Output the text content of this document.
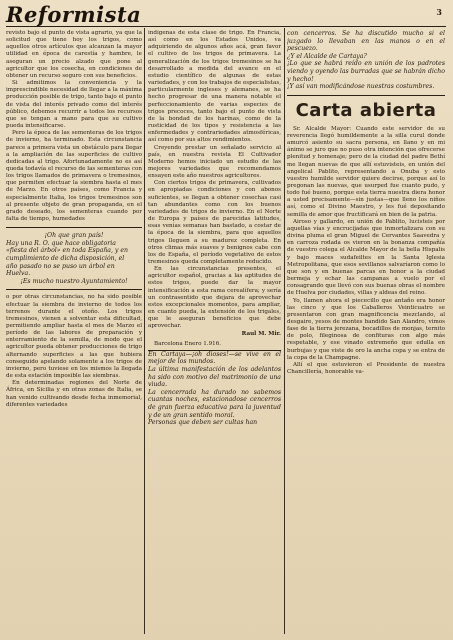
Reformista	3

revisto bajo el punto de vista agrario, ya que la solicitud que tiene hoy los trigos, como aquellos otros artículos que alcanzan la mayor utilidad en época de carestía y hambre, le aseguran un precio alzado que pone al agricultor que los cosecha, en condiciones de obtener un recurso seguro con sus beneficios.

Si admitimos la conveniencia y la imprescindible necesidad de llegar a la máxima producción posible de trigo, tanto bajo el punto de vista del interés privado como del interés público, debemos recurrir a todos los recursos que se tengan a mano para que su cultivo pueda intensificarse.

Pero la época de las sementeras de los trigos de invierno, ha terminado. Esta circunstancia parece a primera vista un obstáculo para llegar a la ampliación de las superficies de cultivo dedicadas al trigo. Afortunadamente no es así queda todavía el recurso de las sementeras con los trigos llamados de primavera o tremesinos, que permiten efectuar la siembra hasta el mes de Marzo. En otros países, como Francia y especialmente Italia, los trigos tremesinos son al presente objeto de gran propaganda, en el grado deseado, los sementeras cuando por falta de tiempo, humedades

¡Oh que gran país!

Hay una R. O. que hace obligatoria

«fiesta del árbol» en toda España, y en

cumplimiento de dicha disposición, el

año pasado no se puso un árbol en

Huelva.

¡Es mucho nuestro Ayuntamiento!

o por otras circunstancias, no ha sido posible efectuar la siembra de invierno de todos los terrenos durante el otoño. Los trigos tremesinos, vienen a solventar esta dificultad, permitiendo ampliar hasta el mes de Marzo el período de las labores de preparación y enterramiento de la semilla, de modo que el agricultor pueda obtener producciones de trigo alternando superficies a las que hubiera conseguido apelando solamente a los trigos de invierno, pero tuviese en los mismos la llegada de esta estación imposible las siembras.

En determinadas regiones del Norte de África, en Sicilia y en otras zonas de Italia, se han venido cultivando desde fecha inmemorial, diferentes variedades

indígenas de esta clase de trigo. En Francia, así como en los Estados Unidos, va adquiriendo de algunos años acá, gran favor el cultivo de los trigos de primavera. La generalización de los trigos tremesinos se ha desarrollado a medida del avance en el estudio científico de algunas de estas variedades, y con los trabajos de especialistas, particularmente ingleses y alemanes, se ha hecho progresar de una manera notable el perfeccionamiento de varias especies de trigos precoces, tanto bajo el punto de vista de la bondad de los harinas, como de la rusticidad de los tipos y resistencia a las enfermedades y contrariedades atmosféricas, así como por sus altos rendimientos.

Creyendo prestar un señalado servicio al país, en nuestra revista El Cultivador Moderno hemos iniciado un estudio de las mejores variedades que recomendamos ensayen este año nuestros agricultores.

Con ciertos trigos de primavera, cultivados en apropiadas condiciones y con abonos suficientes, se llegan a obtener cosechas casi tan abundantes como con los buenos variedades de trigos de invierno. En el Norte de Europa y países de parecidas latitudes, esas venías semanas han bastado, a costar de la época de la siembra, para que aquellos trigos lleguen a su madurez completa. En otros climas más suaves y benignos cabe con los de España, el período vegetativo de estos tremesinos queda completamente reducido.

En las circunstancias presentes, el agricultor español, gracias a las aptitudes de estos trigos, puede dar la mayor intensificación a esta rama cerealífera; y sería un contrasentido que dejara de aprovechar estos excepcionales momentos, para ampliar, en cuanto pueda, la extensión de los trigales, que le aseguran beneficios que debe aprovechar.

Raul M. Mir.

Barcelona Enero 1.916.

En Cartaya—¡oh dioses!—se vive en el mejor de los mundos.

La última manifestación de los adelantos ha sido con motivo del matrimonio de una viuda.

La cencerrada ha durado no sabemos cuantas noches, estacionadose cencerros de gran fuerza educativa para la juventud y de un gran sentido moral.

Personas que deben ser cultas han

con cencerros. Se ha discutido mucho si el juzgado lo llevaban en las manos o en el pescuezo.

¿Y el Alcalde de Cartaya?

¡Lo que se habrá reído en unión de los padrotes viendo y oyendo las burradas que se habrán dicho y hecho!

¡Y así van modificándose nuestras costumbres.

Carta abierta

Sr. Alcalde Mayor: Cuando este servidor de su reverencia llegó humildemente a la silla curul donde amurcó asiento su sacra persona, en llano y en mi ánimo se juro que no puso otra intención que ofrecerse plenitud y homenaje; pero de la ciudad del padre Bethí me llegan nuevas de que allí estuvisteis, en unión del angelical Pablito, representando a Onuba y esto vuestro humilde servidor quiere decirse, porque así lo pregonan las nuevas, que usurped fue cuanto pudo, y todo fué bueno, porque esta tierra nuestra diera honor a usted precisamente—sin justas—que lleno los niños así, como el Divino Maestro, y les fué depositando semilla de amor que fructificará en bien de la patria.

Airoso y gallardo, en unión de Pablito, lucisteis por aquellas vías y encrucijadas que inmortalizara con su divina pluma el gran Miguel de Cervantes Saavedra y en carroza rodada os vieron en la bonanza compañía de vuestro colega el Alcalde Mayor de la bella Hispalis y bajo maces sudafeiltes en la Santa Iglesia Metropolitana, que esos sevillanos salvaríaron como lo que son y en buenas parcas en honor a la ciudad bermeja y echar las campanas a vuelo por el consagrando que llevó con sus buenas obras el nombre de Huelva por ciudades, villas y aldeas del reino.

Yo, llamen ahora el piececillo que antaño era honor las cinco y que los Caballeros Veinticuatro se presentaron con gran magnificencia mezclando, al desgaire, yesos de montes bandido San Alandro, vimos fase de la tierra jerezana, bocadillos de monjas, ternito de polo, fileginosa de confituras con algo más respetable, y ese vinado extremeño que edulla en burbujas y que viste de oro la ancha copa y se entra de la copa de la Champagne.

Allí el que estuvieron el Presidente de nuestra Chancillería, honorable va-
